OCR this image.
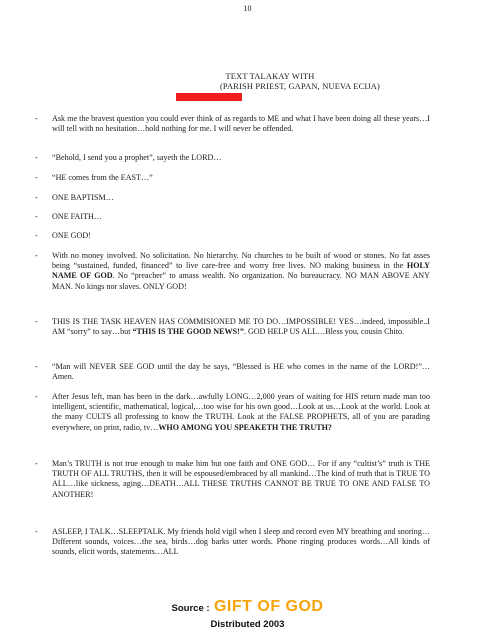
10
TEXT TALAKAY WITH
(PARISH PRIEST, GAPAN, NUEVA ECIJA)
- Ask me the bravest question you could ever think of as regards to ME and what I have been doing all these years…I will tell with no hesitation…hold nothing for me. I will never be offended.

- “Behold, I send you a prophet”, sayeth the LORD…

- “HE comes from the EAST…”

- ONE BAPTISM…

- ONE FAITH…

- ONE GOD!

- With no money involved. No solicitation. No hierarchy. No churches to be built of wood or stones. No fat asses being “sustained, funded, financed” to live care-free and worry free lives. NO making business in the HOLY NAME OF GOD. No “preacher” to amass wealth. No organization. No bureaucracy. NO MAN ABOVE ANY MAN. No kings nor slaves. ONLY GOD!

- THIS IS THE TASK HEAVEN HAS COMMISIONED ME TO DO…IMPOSSIBLE! YES…indeed, impossible..I AM “sorry” to say…but “THIS IS THE GOOD NEWS!”. GOD HELP US ALL…Bless you, cousin Chito.

- “Man will NEVER SEE GOD until the day he says, “Blessed is HE who comes in the name of the LORD!”…Amen.

- After Jesus left, man has been in the dark…awfully LONG…2,000 years of waiting for HIS return made man too intelligent, scientific, mathematical, logical,…too wise for his own good…Look at us…Look at the world. Look at the many CULTS all professing to know the TRUTH. Look at the FALSE PROPHETS, all of you are parading everywhere, on print, radio, tv…WHO AMONG YOU SPEAKETH THE TRUTH?

- Man’s TRUTH is not true enough to make him but one faith and ONE GOD… For if any “cultist’s” truth is THE TRUTH OF ALL TRUTHS, then it will be espoused/embraced by all mankind…The kind of truth that is TRUE TO ALL…like sickness, aging…DEATH…ALL THESE TRUTHS CANNOT BE TRUE TO ONE AND FALSE TO ANOTHER!

- ASLEEP, I TALK…SLEEPTALK. My friends hold vigil when I sleep and record even MY breathing and snoring…Different sounds, voices…the sea, birds…dog barks utter words. Phone ringing produces words…All kinds of sounds, elicit words, statements…ALL

Source : GIFT OF GOD
Distributed 2003
